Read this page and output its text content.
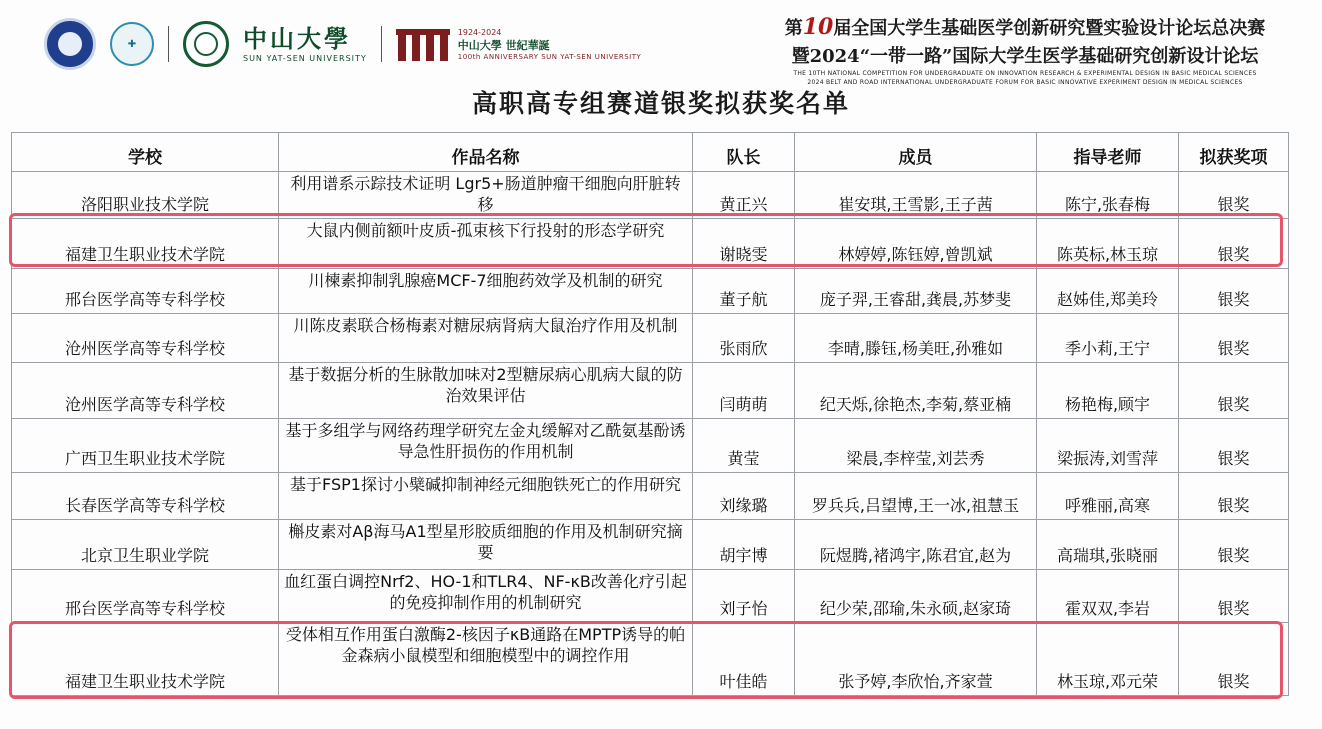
✚	中山大學
SUN YAT-SEN UNIVERSITY
1924-2024
中山大學 世紀華誕
100th ANNIVERSARY SUN YAT-SEN UNIVERSITY
第10届全国大学生基础医学创新研究暨实验设计论坛总决赛
暨2024“一带一路”国际大学生医学基础研究创新设计论坛
THE 10TH NATIONAL COMPETITION FOR UNDERGRADUATE ON INNOVATION RESEARCH & EXPERIMENTAL DESIGN IN BASIC MEDICAL SCIENCES
2024 BELT AND ROAD INTERNATIONAL UNDERGRADUATE FORUM FOR BASIC INNOVATIVE EXPERIMENT DESIGN IN MEDICAL SCIENCES
高职高专组赛道银奖拟获奖名单
学校	作品名称	队长	成员	指导老师	拟获奖项
洛阳职业技术学院	利用谱系示踪技术证明 Lgr5+肠道肿瘤干细胞向肝脏转移	黄正兴	崔安琪,王雪影,王子茜	陈宁,张春梅	银奖
福建卫生职业技术学院	大鼠内侧前额叶皮质-孤束核下行投射的形态学研究	谢晓雯	林婷婷,陈钰婷,曾凯斌	陈英标,林玉琼	银奖
邢台医学高等专科学校	川楝素抑制乳腺癌MCF-7细胞药效学及机制的研究	董子航	庞子羿,王睿甜,龚晨,苏梦斐	赵姊佳,郑美玲	银奖
沧州医学高等专科学校	川陈皮素联合杨梅素对糖尿病肾病大鼠治疗作用及机制	张雨欣	李晴,滕钰,杨美旺,孙雅如	季小莉,王宁	银奖
沧州医学高等专科学校	基于数据分析的生脉散加味对2型糖尿病心肌病大鼠的防治效果评估	闫萌萌	纪天烁,徐艳杰,李菊,蔡亚楠	杨艳梅,顾宇	银奖
广西卫生职业技术学院	基于多组学与网络药理学研究左金丸缓解对乙酰氨基酚诱导急性肝损伤的作用机制	黄莹	梁晨,李梓莹,刘芸秀	梁振涛,刘雪萍	银奖
长春医学高等专科学校	基于FSP1探讨小檗碱抑制神经元细胞铁死亡的作用研究	刘缘璐	罗兵兵,吕望博,王一冰,祖慧玉	呼雅丽,高寒	银奖
北京卫生职业学院	槲皮素对Aβ海马A1型星形胶质细胞的作用及机制研究摘要	胡宇博	阮煜腾,褚鸿宇,陈君宜,赵为	高瑞琪,张晓丽	银奖
邢台医学高等专科学校	血红蛋白调控Nrf2、HO-1和TLR4、NF-κB改善化疗引起的免疫抑制作用的机制研究	刘子怡	纪少荣,邵瑜,朱永硕,赵家琦	霍双双,李岩	银奖
福建卫生职业技术学院	受体相互作用蛋白激酶2-核因子κB通路在MPTP诱导的帕金森病小鼠模型和细胞模型中的调控作用	叶佳皓	张予婷,李欣怡,齐家萱	林玉琼,邓元荣	银奖
